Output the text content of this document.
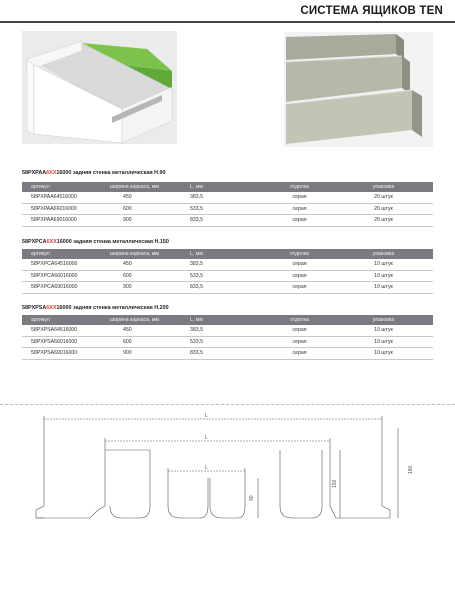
СИСТЕМА ЯЩИКОВ TEN
58PXPAA6XX16000 задняя стенка металлическая H.90
артикул	ширина каркаса, мм	L, мм	отделка	упаковка
58PXPAA64516000	450	383,5	серая	20 штук
58PXPAA66016000	600	533,5	серая	20 штук
58PXPAA69016000	900	833,5	серая	20 штук
58PXPCA6XX16000 задняя стенка металлическая H.150
артикул	ширина каркаса, мм	L, мм	отделка	упаковка
58PXPCA64516000	450	383,5	серая	10 штук
58PXPCA66016000	600	533,5	серая	10 штук
58PXPCA69016000	900	833,5	серая	10 штук
58PXPSA6XX16000 задняя стенка металлическая H.200
артикул	ширина каркаса, мм	L, мм	отделка	упаковка
58PXPSA64516000	450	383,5	серая	10 штук
58PXPSA66016000	600	533,5	серая	10 штук
58PXPSA69016000	900	833,5	серая	10 штук
L
L
L
90
150
180
